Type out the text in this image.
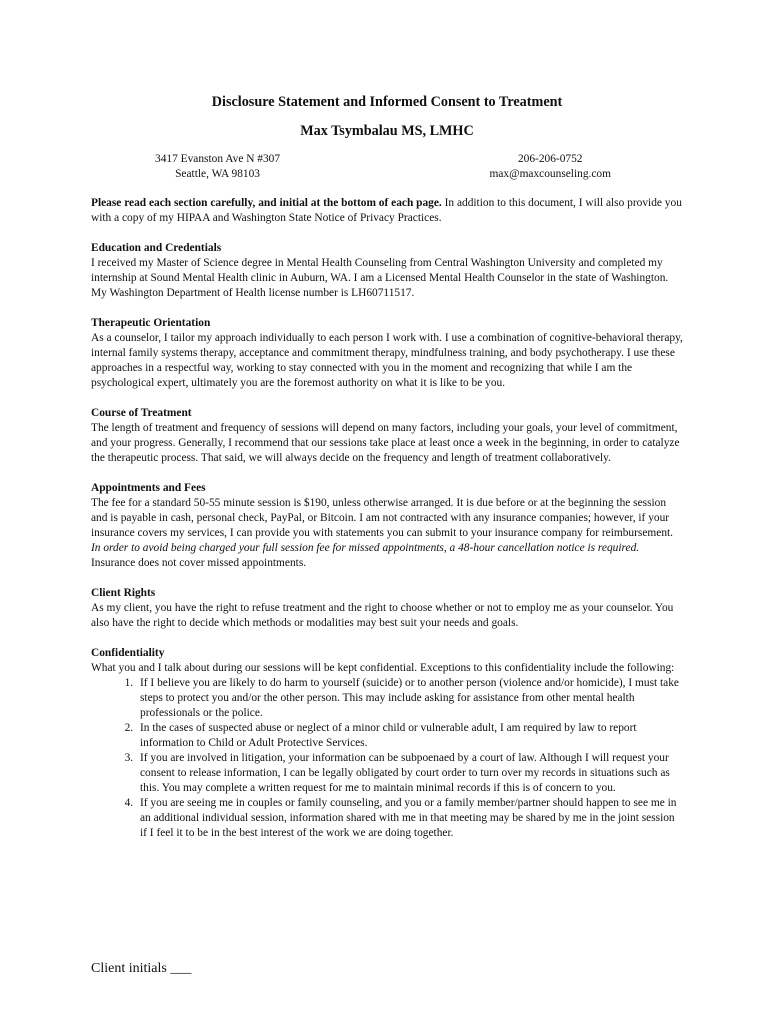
Disclosure Statement and Informed Consent to Treatment
Max Tsymbalau MS, LMHC
3417 Evanston Ave N #307
Seattle, WA 98103
206-206-0752
max@maxcounseling.com

Please read each section carefully, and initial at the bottom of each page. In addition to this document, I will also provide you with a copy of my HIPAA and Washington State Notice of Privacy Practices.

Education and Credentials

I received my Master of Science degree in Mental Health Counseling from Central Washington University and completed my internship at Sound Mental Health clinic in Auburn, WA. I am a Licensed Mental Health Counselor in the state of Washington. My Washington Department of Health license number is LH60711517.

Therapeutic Orientation

As a counselor, I tailor my approach individually to each person I work with. I use a combination of cognitive-behavioral therapy, internal family systems therapy, acceptance and commitment therapy, mindfulness training, and body psychotherapy. I use these approaches in a respectful way, working to stay connected with you in the moment and recognizing that while I am the psychological expert, ultimately you are the foremost authority on what it is like to be you.

Course of Treatment

The length of treatment and frequency of sessions will depend on many factors, including your goals, your level of commitment, and your progress. Generally, I recommend that our sessions take place at least once a week in the beginning, in order to catalyze the therapeutic process. That said, we will always decide on the frequency and length of treatment collaboratively.

Appointments and Fees

The fee for a standard 50-55 minute session is $190, unless otherwise arranged. It is due before or at the beginning the session and is payable in cash, personal check, PayPal, or Bitcoin. I am not contracted with any insurance companies; however, if your insurance covers my services, I can provide you with statements you can submit to your insurance company for reimbursement. In order to avoid being charged your full session fee for missed appointments, a 48-hour cancellation notice is required. Insurance does not cover missed appointments.

Client Rights

As my client, you have the right to refuse treatment and the right to choose whether or not to employ me as your counselor. You also have the right to decide which methods or modalities may best suit your needs and goals.

Confidentiality

What you and I talk about during our sessions will be kept confidential. Exceptions to this confidentiality include the following:

1. If I believe you are likely to do harm to yourself (suicide) or to another person (violence and/or homicide), I must take steps to protect you and/or the other person. This may include asking for assistance from other mental health professionals or the police.
2. In the cases of suspected abuse or neglect of a minor child or vulnerable adult, I am required by law to report information to Child or Adult Protective Services.
3. If you are involved in litigation, your information can be subpoenaed by a court of law. Although I will request your consent to release information, I can be legally obligated by court order to turn over my records in situations such as this. You may complete a written request for me to maintain minimal records if this is of concern to you.
4. If you are seeing me in couples or family counseling, and you or a family member/partner should happen to see me in an additional individual session, information shared with me in that meeting may be shared by me in the joint session if I feel it to be in the best interest of the work we are doing together.
Client initials ___
